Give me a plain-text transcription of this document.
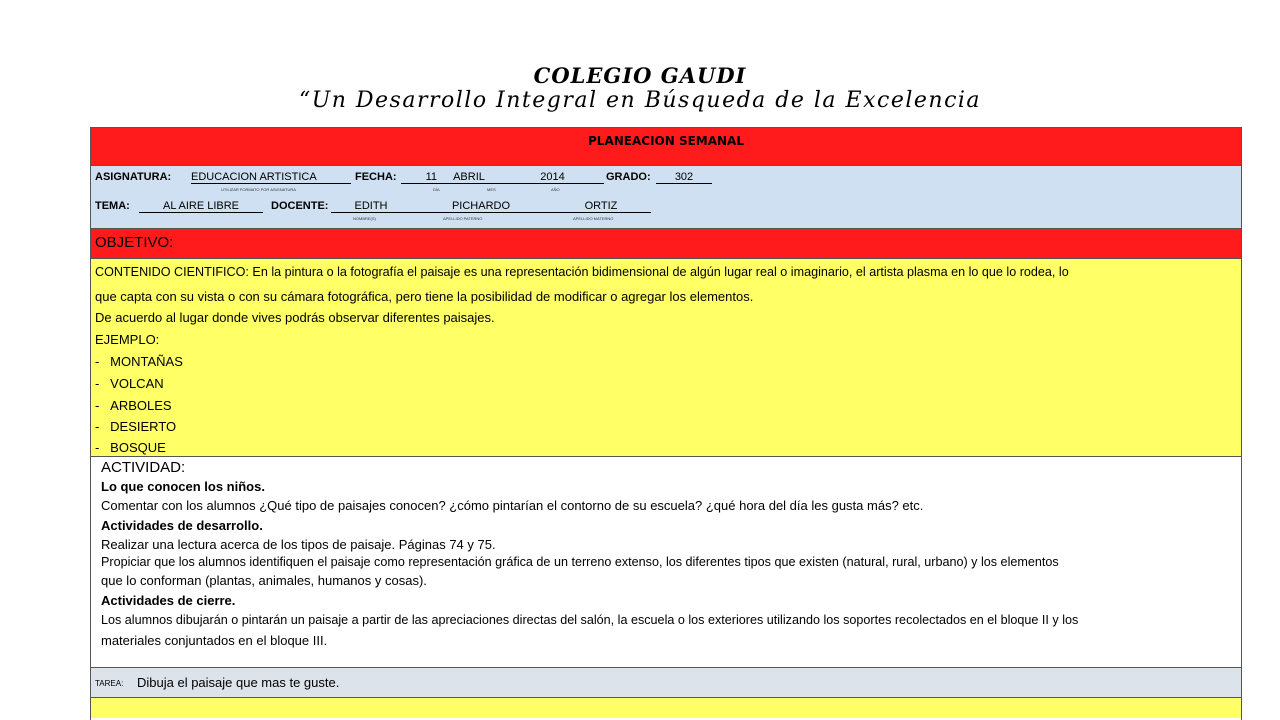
COLEGIO GAUDI
“Un Desarrollo Integral en Búsqueda de la Excelencia
PLANEACION SEMANAL
ASIGNATURA: EDUCACION ARTISTICA	FECHA:	11	ABRIL	2014	GRADO:	302
UTILIZAR FORMATO POR ASIGNATURA	DÍA	MES	AÑO
TEMA:	AL AIRE LIBRE	DOCENTE:	EDITH	PICHARDO	ORTIZ
NOMBRE(S)	APELLIDO PATERNO	APELLIDO MATERNO
OBJETIVO:
CONTENIDO CIENTIFICO: En la pintura o la fotografía el paisaje es una representación bidimensional de algún lugar real o imaginario, el artista plasma en lo que lo rodea, lo
que capta con su vista o con su cámara fotográfica, pero tiene la posibilidad de modificar o agregar los elementos.
De acuerdo al lugar donde vives podrás observar diferentes paisajes.
EJEMPLO:
-   MONTAÑAS
-   VOLCAN
-   ARBOLES
-   DESIERTO
-   BOSQUE
ACTIVIDAD:
Lo que conocen los niños.
Comentar con los alumnos ¿Qué tipo de paisajes conocen? ¿cómo pintarían el contorno de su escuela? ¿qué hora del día les gusta más? etc.
Actividades de desarrollo.
Realizar una lectura acerca de los tipos de paisaje. Páginas 74 y 75.
Propiciar que los alumnos identifiquen el paisaje como representación gráfica de un terreno extenso, los diferentes tipos que existen (natural, rural, urbano) y los elementos
que lo conforman (plantas, animales, humanos y cosas).
Actividades de cierre.
Los alumnos dibujarán o pintarán un paisaje a partir de las apreciaciones directas del salón, la escuela o los exteriores utilizando los soportes recolectados en el bloque II y los
materiales conjuntados en el bloque III.
TAREA: Dibuja el paisaje que mas te guste.
